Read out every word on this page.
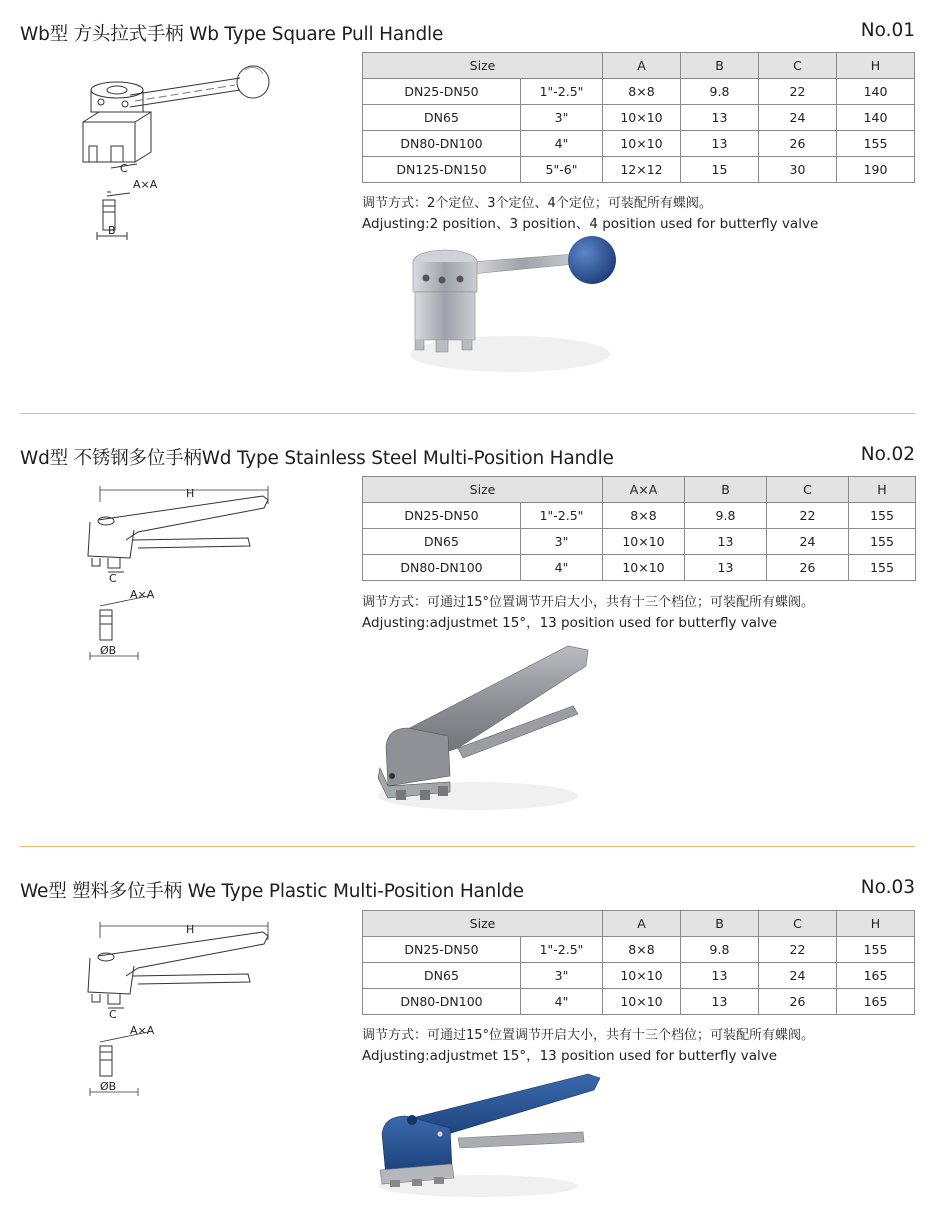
Wb型 方头拉式手柄 Wb Type Square Pull Handle	No.01
C
A×A
B
Size		A	B	C	H
DN25-DN50	1"-2.5"	8×8	9.8	22	140
DN65	3"	10×10	13	24	140
DN80-DN100	4"	10×10	13	26	155
DN125-DN150	5"-6"	12×12	15	30	190
调节方式：2个定位、3个定位、4个定位；可装配所有蝶阀。
Adjusting:2 position、3 position、4 position used for butterfly valve
Wd型 不锈钢多位手柄Wd Type Stainless Steel Multi-Position Handle	No.02
H
C
A×A
ØB
Size		A×A	B	C	H
DN25-DN50	1"-2.5"	8×8	9.8	22	155
DN65	3"	10×10	13	24	155
DN80-DN100	4"	10×10	13	26	155
调节方式：可通过15°位置调节开启大小，共有十三个档位；可装配所有蝶阀。
Adjusting:adjustmet 15°，13 position used for butterfly valve
We型 塑料多位手柄 We Type Plastic Multi-Position Hanlde	No.03
H
C
A×A
ØB
Size		A	B	C	H
DN25-DN50	1"-2.5"	8×8	9.8	22	155
DN65	3"	10×10	13	24	165
DN80-DN100	4"	10×10	13	26	165
调节方式：可通过15°位置调节开启大小，共有十三个档位；可装配所有蝶阀。
Adjusting:adjustmet 15°，13 position used for butterfly valve
